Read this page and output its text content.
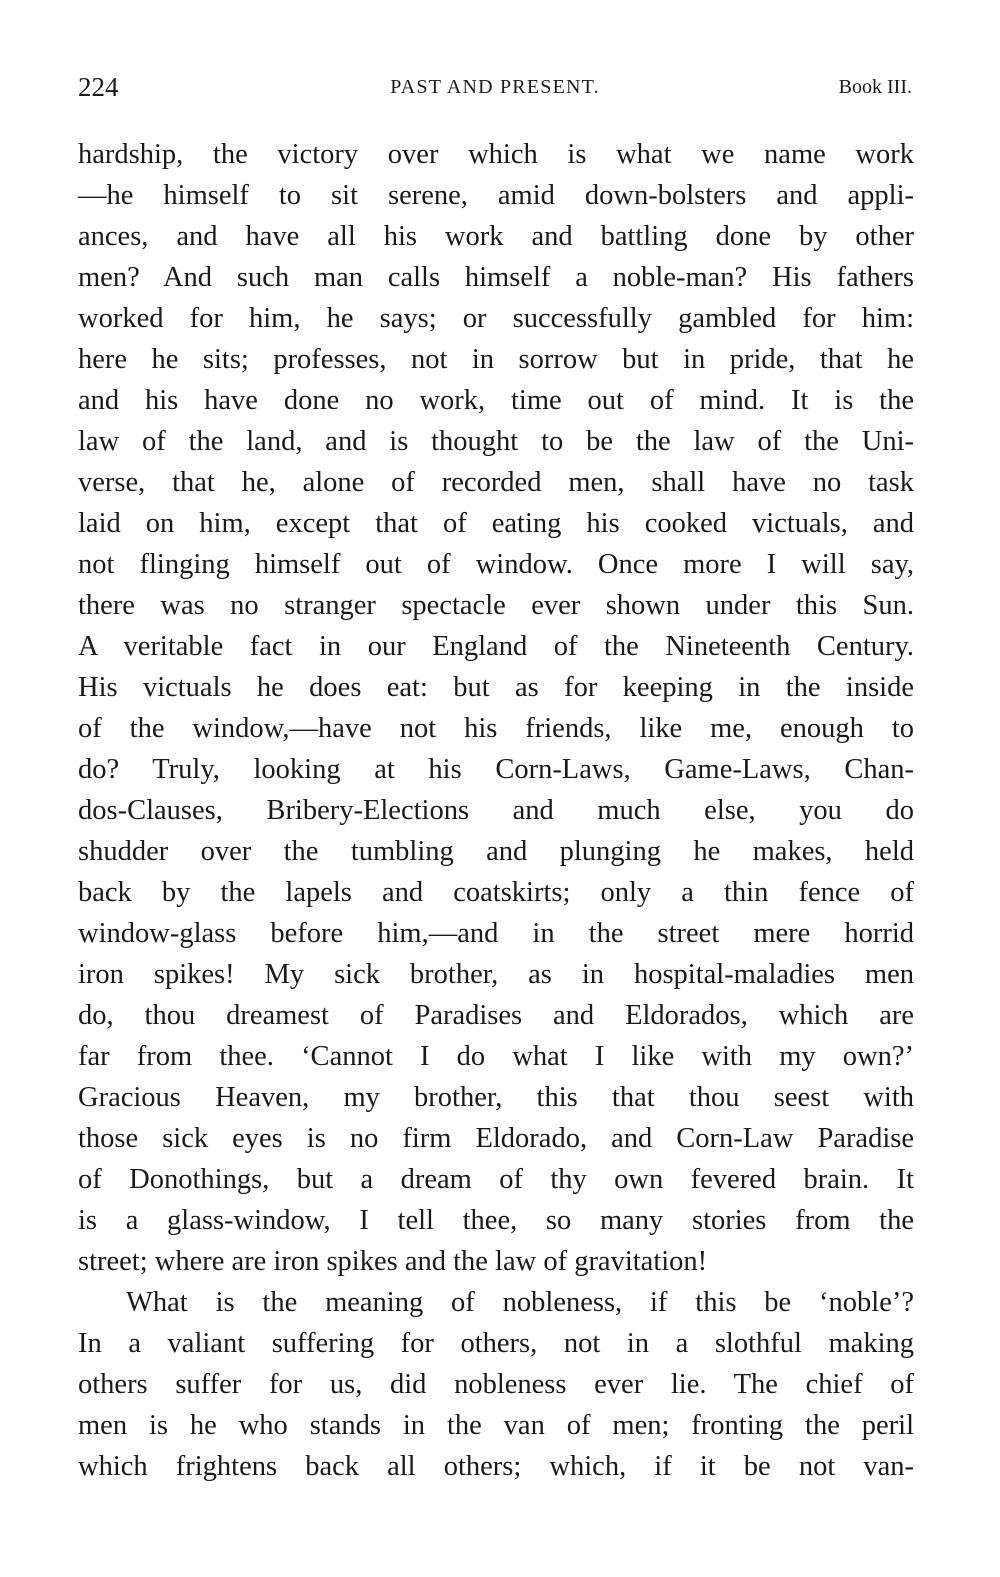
224	PAST AND PRESENT.	Book III.
hardship, the victory over which is what we name work
—he himself to sit serene, amid down-bolsters and appli-
ances, and have all his work and battling done by other
men? And such man calls himself a noble-man? His fathers
worked for him, he says; or successfully gambled for him:
here he sits; professes, not in sorrow but in pride, that he
and his have done no work, time out of mind. It is the
law of the land, and is thought to be the law of the Uni-
verse, that he, alone of recorded men, shall have no task
laid on him, except that of eating his cooked victuals, and
not flinging himself out of window. Once more I will say,
there was no stranger spectacle ever shown under this Sun.
A veritable fact in our England of the Nineteenth Century.
His victuals he does eat: but as for keeping in the inside
of the window,—have not his friends, like me, enough to
do? Truly, looking at his Corn-Laws, Game-Laws, Chan-
dos-Clauses, Bribery-Elections and much else, you do
shudder over the tumbling and plunging he makes, held
back by the lapels and coatskirts; only a thin fence of
window-glass before him,—and in the street mere horrid
iron spikes! My sick brother, as in hospital-maladies men
do, thou dreamest of Paradises and Eldorados, which are
far from thee. ‘Cannot I do what I like with my own?’
Gracious Heaven, my brother, this that thou seest with
those sick eyes is no firm Eldorado, and Corn-Law Paradise
of Donothings, but a dream of thy own fevered brain. It
is a glass-window, I tell thee, so many stories from the
street; where are iron spikes and the law of gravitation!
What is the meaning of nobleness, if this be ‘noble’?
In a valiant suffering for others, not in a slothful making
others suffer for us, did nobleness ever lie. The chief of
men is he who stands in the van of men; fronting the peril
which frightens back all others; which, if it be not van-
